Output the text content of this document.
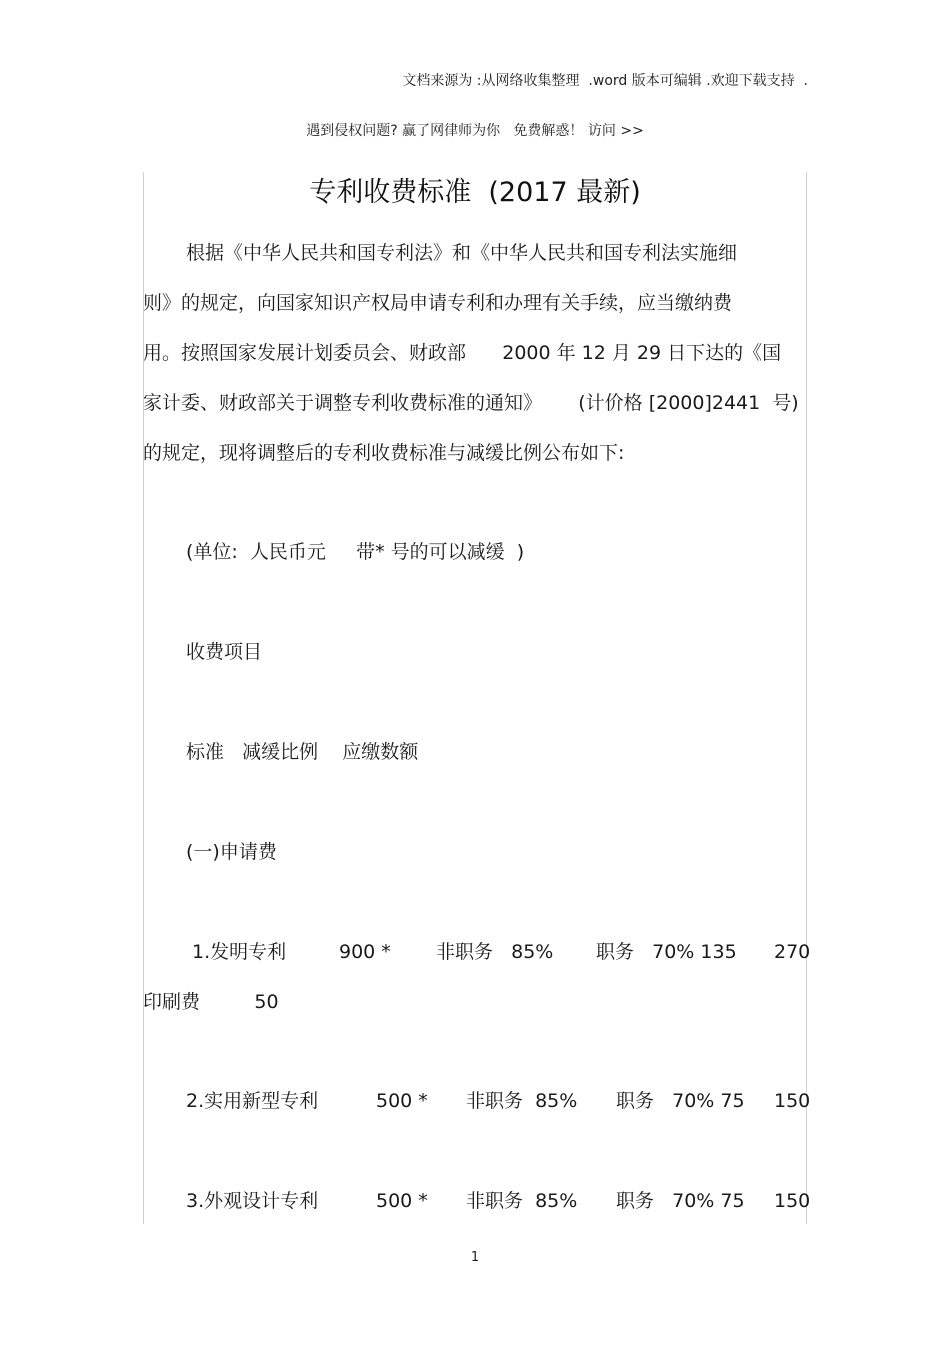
文档来源为 :从网络收集整理  .word 版本可编辑 .欢迎下载支持  .
遇到侵权问题? 赢了网律师为你   免费解惑！ 访问 >>
专利收费标准  (2017 最新)
根据《中华人民共和国专利法》和《中华人民共和国专利法实施细
则》的规定，向国家知识产权局申请专利和办理有关手续，应当缴纳费
用。按照国家发展计划委员会、财政部      2000 年 12 月 29 日下达的《国
家计委、财政部关于调整专利收费标准的通知》      (计价格 [2000]2441  号)
的规定，现将调整后的专利收费标准与减缓比例公布如下:
(单位:  人民币元     带* 号的可以减缓  )
收费项目
标准   减缓比例    应缴数额
(一)申请费
1.发明专利	900 * 非职务   85% 职务   70% 135 270
印刷费         50
2.实用新型专利	500 * 非职务  85% 职务   70% 75 150
3.外观设计专利	500 * 非职务  85% 职务   70% 75 150
1
